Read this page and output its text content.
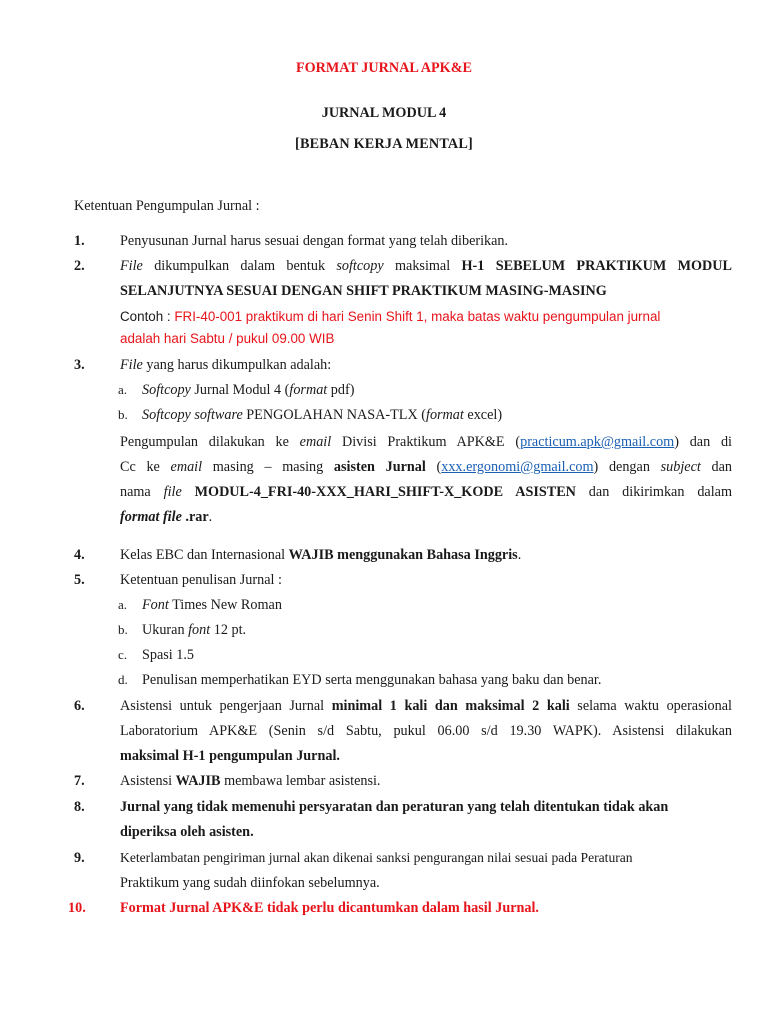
FORMAT JURNAL APK&E
JURNAL MODUL 4
[BEBAN KERJA MENTAL]
Ketentuan Pengumpulan Jurnal :
1. Penyusunan Jurnal harus sesuai dengan format yang telah diberikan.
2. File dikumpulkan dalam bentuk softcopy maksimal H-1 SEBELUM PRAKTIKUM MODUL
SELANJUTNYA SESUAI DENGAN SHIFT PRAKTIKUM MASING-MASING
Contoh : FRI-40-001 praktikum di hari Senin Shift 1, maka batas waktu pengumpulan jurnal
adalah hari Sabtu / pukul 09.00 WIB
3. File yang harus dikumpulkan adalah:
a. Softcopy Jurnal Modul 4 (format pdf)
b. Softcopy software PENGOLAHAN NASA-TLX (format excel)
Pengumpulan dilakukan ke email Divisi Praktikum APK&E (practicum.apk@gmail.com) dan di
Cc ke email masing – masing asisten Jurnal (xxx.ergonomi@gmail.com) dengan subject dan
nama file MODUL-4_FRI-40-XXX_HARI_SHIFT-X_KODE ASISTEN dan dikirimkan dalam
format file .rar.
4. Kelas EBC dan Internasional WAJIB menggunakan Bahasa Inggris.
5. Ketentuan penulisan Jurnal :
a. Font Times New Roman
b. Ukuran font 12 pt.
c. Spasi 1.5
d. Penulisan memperhatikan EYD serta menggunakan bahasa yang baku dan benar.
6. Asistensi untuk pengerjaan Jurnal minimal 1 kali dan maksimal 2 kali selama waktu operasional
Laboratorium APK&E (Senin s/d Sabtu, pukul 06.00 s/d 19.30 WAPK). Asistensi dilakukan
maksimal H-1 pengumpulan Jurnal.
7. Asistensi WAJIB membawa lembar asistensi.
8. Jurnal yang tidak memenuhi persyaratan dan peraturan yang telah ditentukan tidak akan
diperiksa oleh asisten.
9.	Keterlambatan pengiriman jurnal akan dikenai sanksi pengurangan nilai sesuai pada Peraturan
Praktikum yang sudah diinfokan sebelumnya.
10. Format Jurnal APK&E tidak perlu dicantumkan dalam hasil Jurnal.
